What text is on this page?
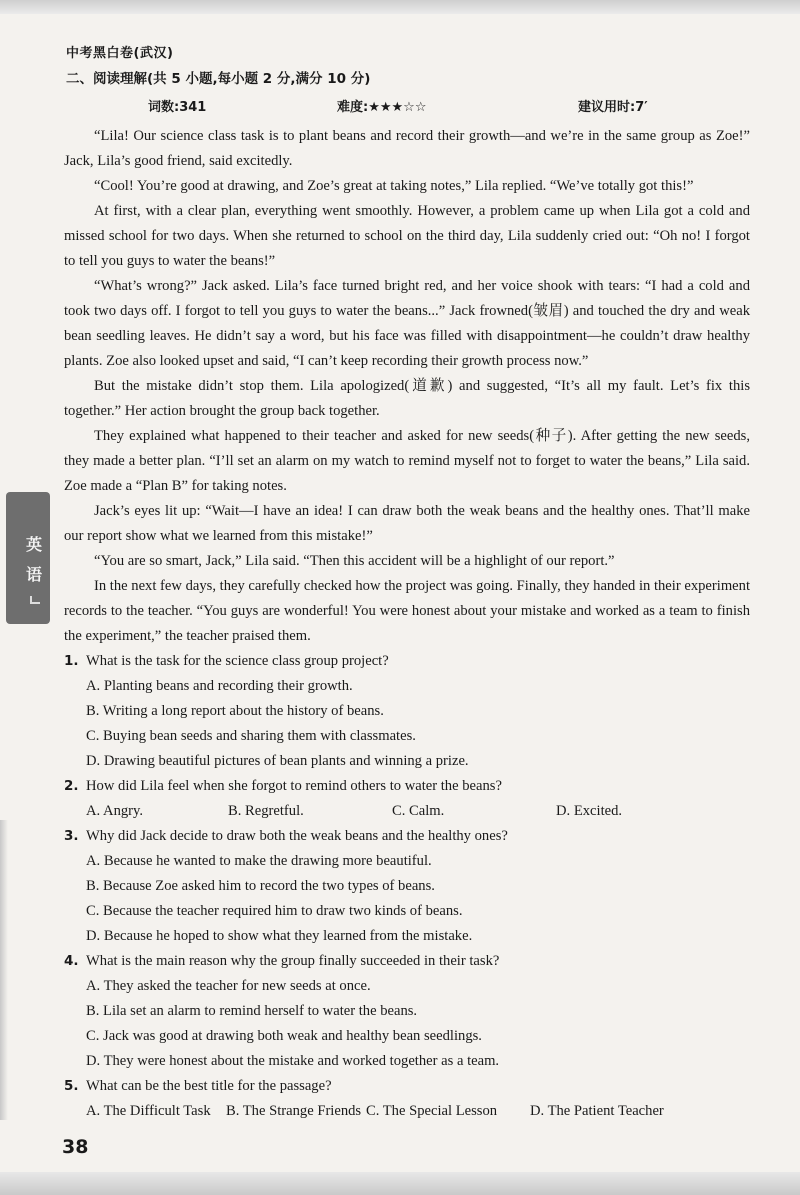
中考黑白卷(武汉)
二、阅读理解(共 5 小题,每小题 2 分,满分 10 分)
词数:341	难度:★★★☆☆	建议用时:7′

“Lila! Our science class task is to plant beans and record their growth—and we’re in the same group as Zoe!” Jack, Lila’s good friend, said excitedly.

“Cool! You’re good at drawing, and Zoe’s great at taking notes,” Lila replied. “We’ve totally got this!”

At first, with a clear plan, everything went smoothly. However, a problem came up when Lila got a cold and missed school for two days. When she returned to school on the third day, Lila suddenly cried out: “Oh no! I forgot to tell you guys to water the beans!”

“What’s wrong?” Jack asked. Lila’s face turned bright red, and her voice shook with tears: “I had a cold and took two days off. I forgot to tell you guys to water the beans...” Jack frowned(皱眉) and touched the dry and weak bean seedling leaves. He didn’t say a word, but his face was filled with disappointment—he couldn’t draw healthy plants. Zoe also looked upset and said, “I can’t keep recording their growth process now.”

But the mistake didn’t stop them. Lila apologized(道歉) and suggested, “It’s all my fault. Let’s fix this together.” Her action brought the group back together.

They explained what happened to their teacher and asked for new seeds(种子). After getting the new seeds, they made a better plan. “I’ll set an alarm on my watch to remind myself not to forget to water the beans,” Lila said. Zoe made a “Plan B” for taking notes.

Jack’s eyes lit up: “Wait—I have an idea! I can draw both the weak beans and the healthy ones. That’ll make our report show what we learned from this mistake!”

“You are so smart, Jack,” Lila said. “Then this accident will be a highlight of our report.”

In the next few days, they carefully checked how the project was going. Finally, they handed in their experiment records to the teacher. “You guys are wonderful! You were honest about your mistake and worked as a team to finish the experiment,” the teacher praised them.

1. What is the task for the science class group project?
A. Planting beans and recording their growth.
B. Writing a long report about the history of beans.
C. Buying bean seeds and sharing them with classmates.
D. Drawing beautiful pictures of bean plants and winning a prize.
2. How did Lila feel when she forgot to remind others to water the beans?
A. Angry.	B. Regretful.	C. Calm.	D. Excited.
3. Why did Jack decide to draw both the weak beans and the healthy ones?
A. Because he wanted to make the drawing more beautiful.
B. Because Zoe asked him to record the two types of beans.
C. Because the teacher required him to draw two kinds of beans.
D. Because he hoped to show what they learned from the mistake.
4. What is the main reason why the group finally succeeded in their task?
A. They asked the teacher for new seeds at once.
B. Lila set an alarm to remind herself to water the beans.
C. Jack was good at drawing both weak and healthy bean seedlings.
D. They were honest about the mistake and worked together as a team.
5. What can be the best title for the passage?
A. The Difficult Task	B. The Strange Friends C. The Special Lesson	D. The Patient Teacher
英
语
38
